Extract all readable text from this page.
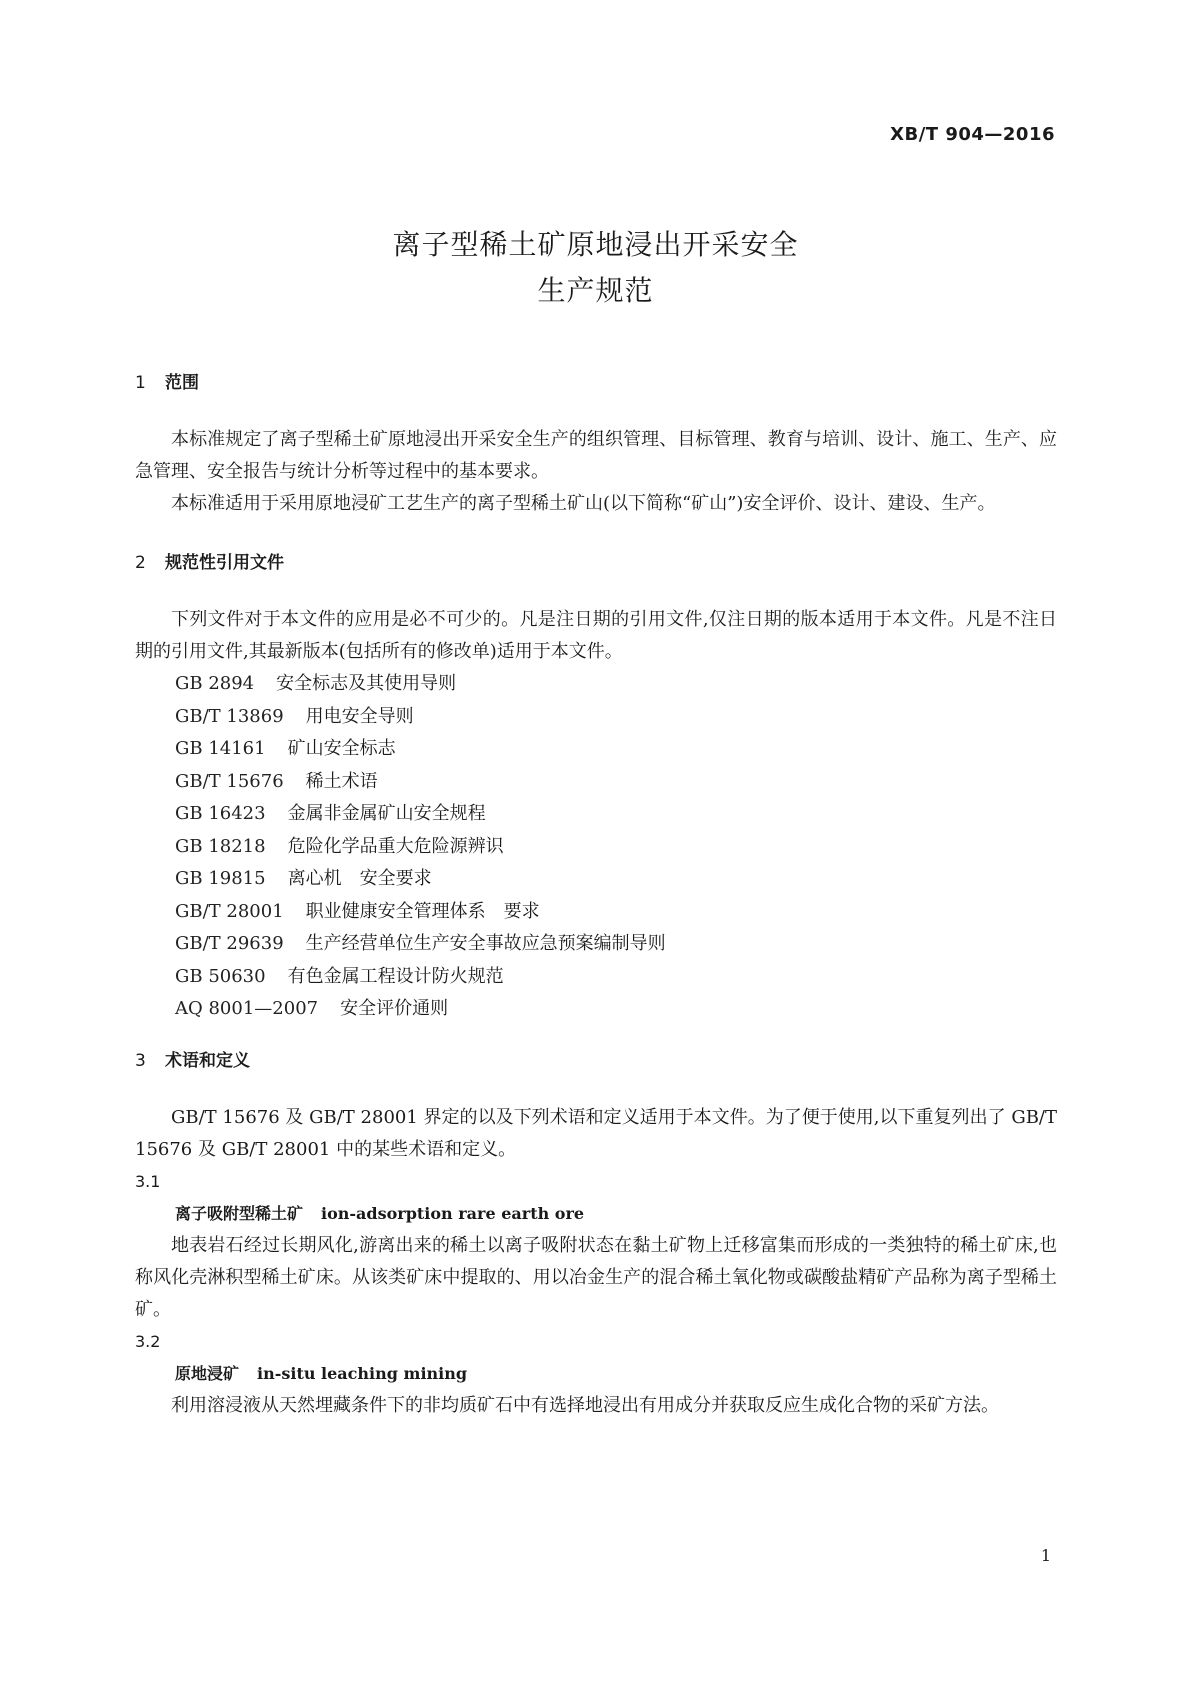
XB/T 904—2016
离子型稀土矿原地浸出开采安全
生产规范
1 范围

本标准规定了离子型稀土矿原地浸出开采安全生产的组织管理、目标管理、教育与培训、设计、施工、生产、应急管理、安全报告与统计分析等过程中的基本要求。

本标准适用于采用原地浸矿工艺生产的离子型稀土矿山(以下简称“矿山”)安全评价、设计、建设、生产。

2 规范性引用文件

下列文件对于本文件的应用是必不可少的。凡是注日期的引用文件,仅注日期的版本适用于本文件。凡是不注日期的引用文件,其最新版本(包括所有的修改单)适用于本文件。

GB 2894 安全标志及其使用导则
GB/T 13869 用电安全导则
GB 14161 矿山安全标志
GB/T 15676 稀土术语
GB 16423 金属非金属矿山安全规程
GB 18218 危险化学品重大危险源辨识
GB 19815 离心机　安全要求
GB/T 28001 职业健康安全管理体系　要求
GB/T 29639 生产经营单位生产安全事故应急预案编制导则
GB 50630 有色金属工程设计防火规范
AQ 8001—2007 安全评价通则
3 术语和定义

GB/T 15676 及 GB/T 28001 界定的以及下列术语和定义适用于本文件。为了便于使用,以下重复列出了 GB/T 15676 及 GB/T 28001 中的某些术语和定义。

3.1
离子吸附型稀土矿 ion-adsorption rare earth ore

地表岩石经过长期风化,游离出来的稀土以离子吸附状态在黏土矿物上迁移富集而形成的一类独特的稀土矿床,也称风化壳淋积型稀土矿床。从该类矿床中提取的、用以冶金生产的混合稀土氧化物或碳酸盐精矿产品称为离子型稀土矿。

3.2
原地浸矿 in-situ leaching mining

利用溶浸液从天然埋藏条件下的非均质矿石中有选择地浸出有用成分并获取反应生成化合物的采矿方法。

1
